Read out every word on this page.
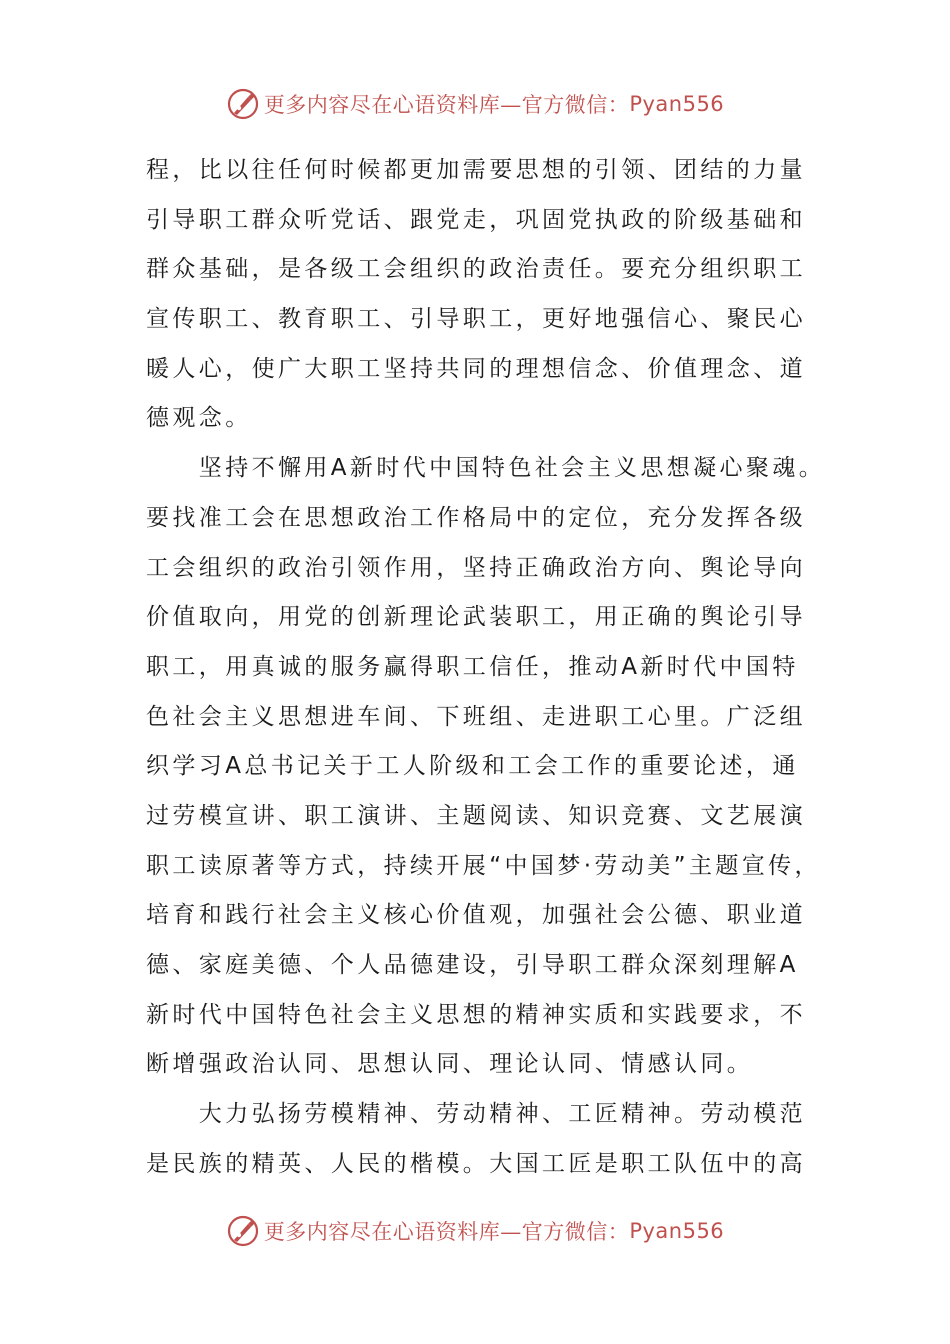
更多内容尽在心语资料库—官方微信： Pyan556
程，比以往任何时候都更加需要思想的引领、团结的力量
引导职工群众听党话、跟党走，巩固党执政的阶级基础和
群众基础，是各级工会组织的政治责任。要充分组织职工
宣传职工、教育职工、引导职工，更好地强信心、聚民心
暖人心，使广大职工坚持共同的理想信念、价值理念、道
德观念。
　　坚持不懈用A新时代中国特色社会主义思想凝心聚魂。
要找准工会在思想政治工作格局中的定位，充分发挥各级
工会组织的政治引领作用，坚持正确政治方向、舆论导向
价值取向，用党的创新理论武装职工，用正确的舆论引导
职工，用真诚的服务赢得职工信任，推动A新时代中国特
色社会主义思想进车间、下班组、走进职工心里。广泛组
织学习A总书记关于工人阶级和工会工作的重要论述，通
过劳模宣讲、职工演讲、主题阅读、知识竞赛、文艺展演
职工读原著等方式，持续开展“中国梦·劳动美”主题宣传，
培育和践行社会主义核心价值观，加强社会公德、职业道
德、家庭美德、个人品德建设，引导职工群众深刻理解A
新时代中国特色社会主义思想的精神实质和实践要求，不
断增强政治认同、思想认同、理论认同、情感认同。
　　大力弘扬劳模精神、劳动精神、工匠精神。劳动模范
是民族的精英、人民的楷模。大国工匠是职工队伍中的高
更多内容尽在心语资料库—官方微信： Pyan556
